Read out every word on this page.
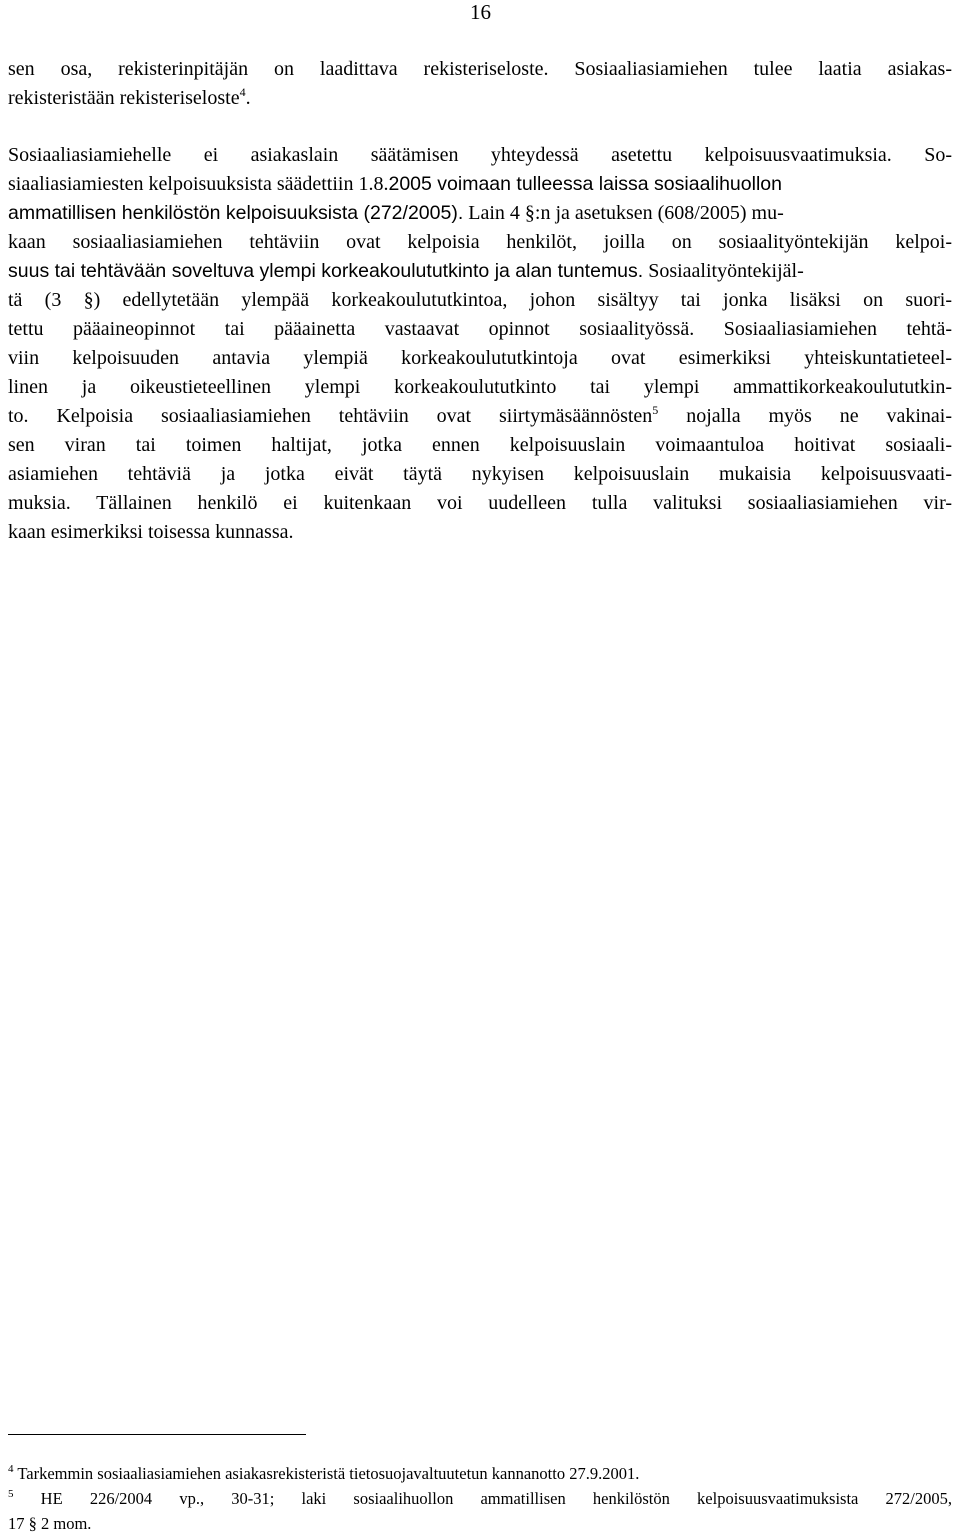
16
sen osa, rekisterinpitäjän on laadittava rekisteriseloste. Sosiaaliasiamiehen tulee laatia asiakas-
rekisteristään rekisteriseloste$^4$.
Sosiaaliasiamiehelle ei asiakaslain säätämisen yhteydessä asetettu kelpoisuusvaatimuksia. So-
siaaliasiamiesten kelpoisuuksista säädettiin 1.8.2005 voimaan tulleessa laissa sosiaalihuollon
ammatillisen henkilöstön kelpoisuuksista (272/2005). Lain 4 §:n ja asetuksen (608/2005) mu-
kaan sosiaaliasiamiehen tehtäviin ovat kelpoisia henkilöt, joilla on sosiaalityöntekijän kelpoi-
suus tai tehtävään soveltuva ylempi korkeakoulututkinto ja alan tuntemus. Sosiaalityöntekijäl-
tä (3 §) edellytetään ylempää korkeakoulututkintoa, johon sisältyy tai jonka lisäksi on suori-
tettu pääaineopinnot tai pääainetta vastaavat opinnot sosiaalityössä. Sosiaaliasiamiehen tehtä-
viin kelpoisuuden antavia ylempiä korkeakoulututkintoja ovat esimerkiksi yhteiskuntatieteel-
linen ja oikeustieteellinen ylempi korkeakoulututkinto tai ylempi ammattikorkeakoulututkin-
to. Kelpoisia sosiaaliasiamiehen tehtäviin ovat siirtymäsäännösten$^5$ nojalla myös ne vakinai-
sen viran tai toimen haltijat, jotka ennen kelpoisuuslain voimaantuloa hoitivat sosiaali-
asiamiehen tehtäviä ja jotka eivät täytä nykyisen kelpoisuuslain mukaisia kelpoisuusvaati-
muksia. Tällainen henkilö ei kuitenkaan voi uudelleen tulla valituksi sosiaaliasiamiehen vir-
kaan esimerkiksi toisessa kunnassa.
$^4$ Tarkemmin sosiaaliasiamiehen asiakasrekisteristä tietosuojavaltuutetun kannanotto 27.9.2001.
$^5$ HE 226/2004 vp., 30-31; laki sosiaalihuollon ammatillisen henkilöstön kelpoisuusvaatimuksista 272/2005,
17 § 2 mom.
